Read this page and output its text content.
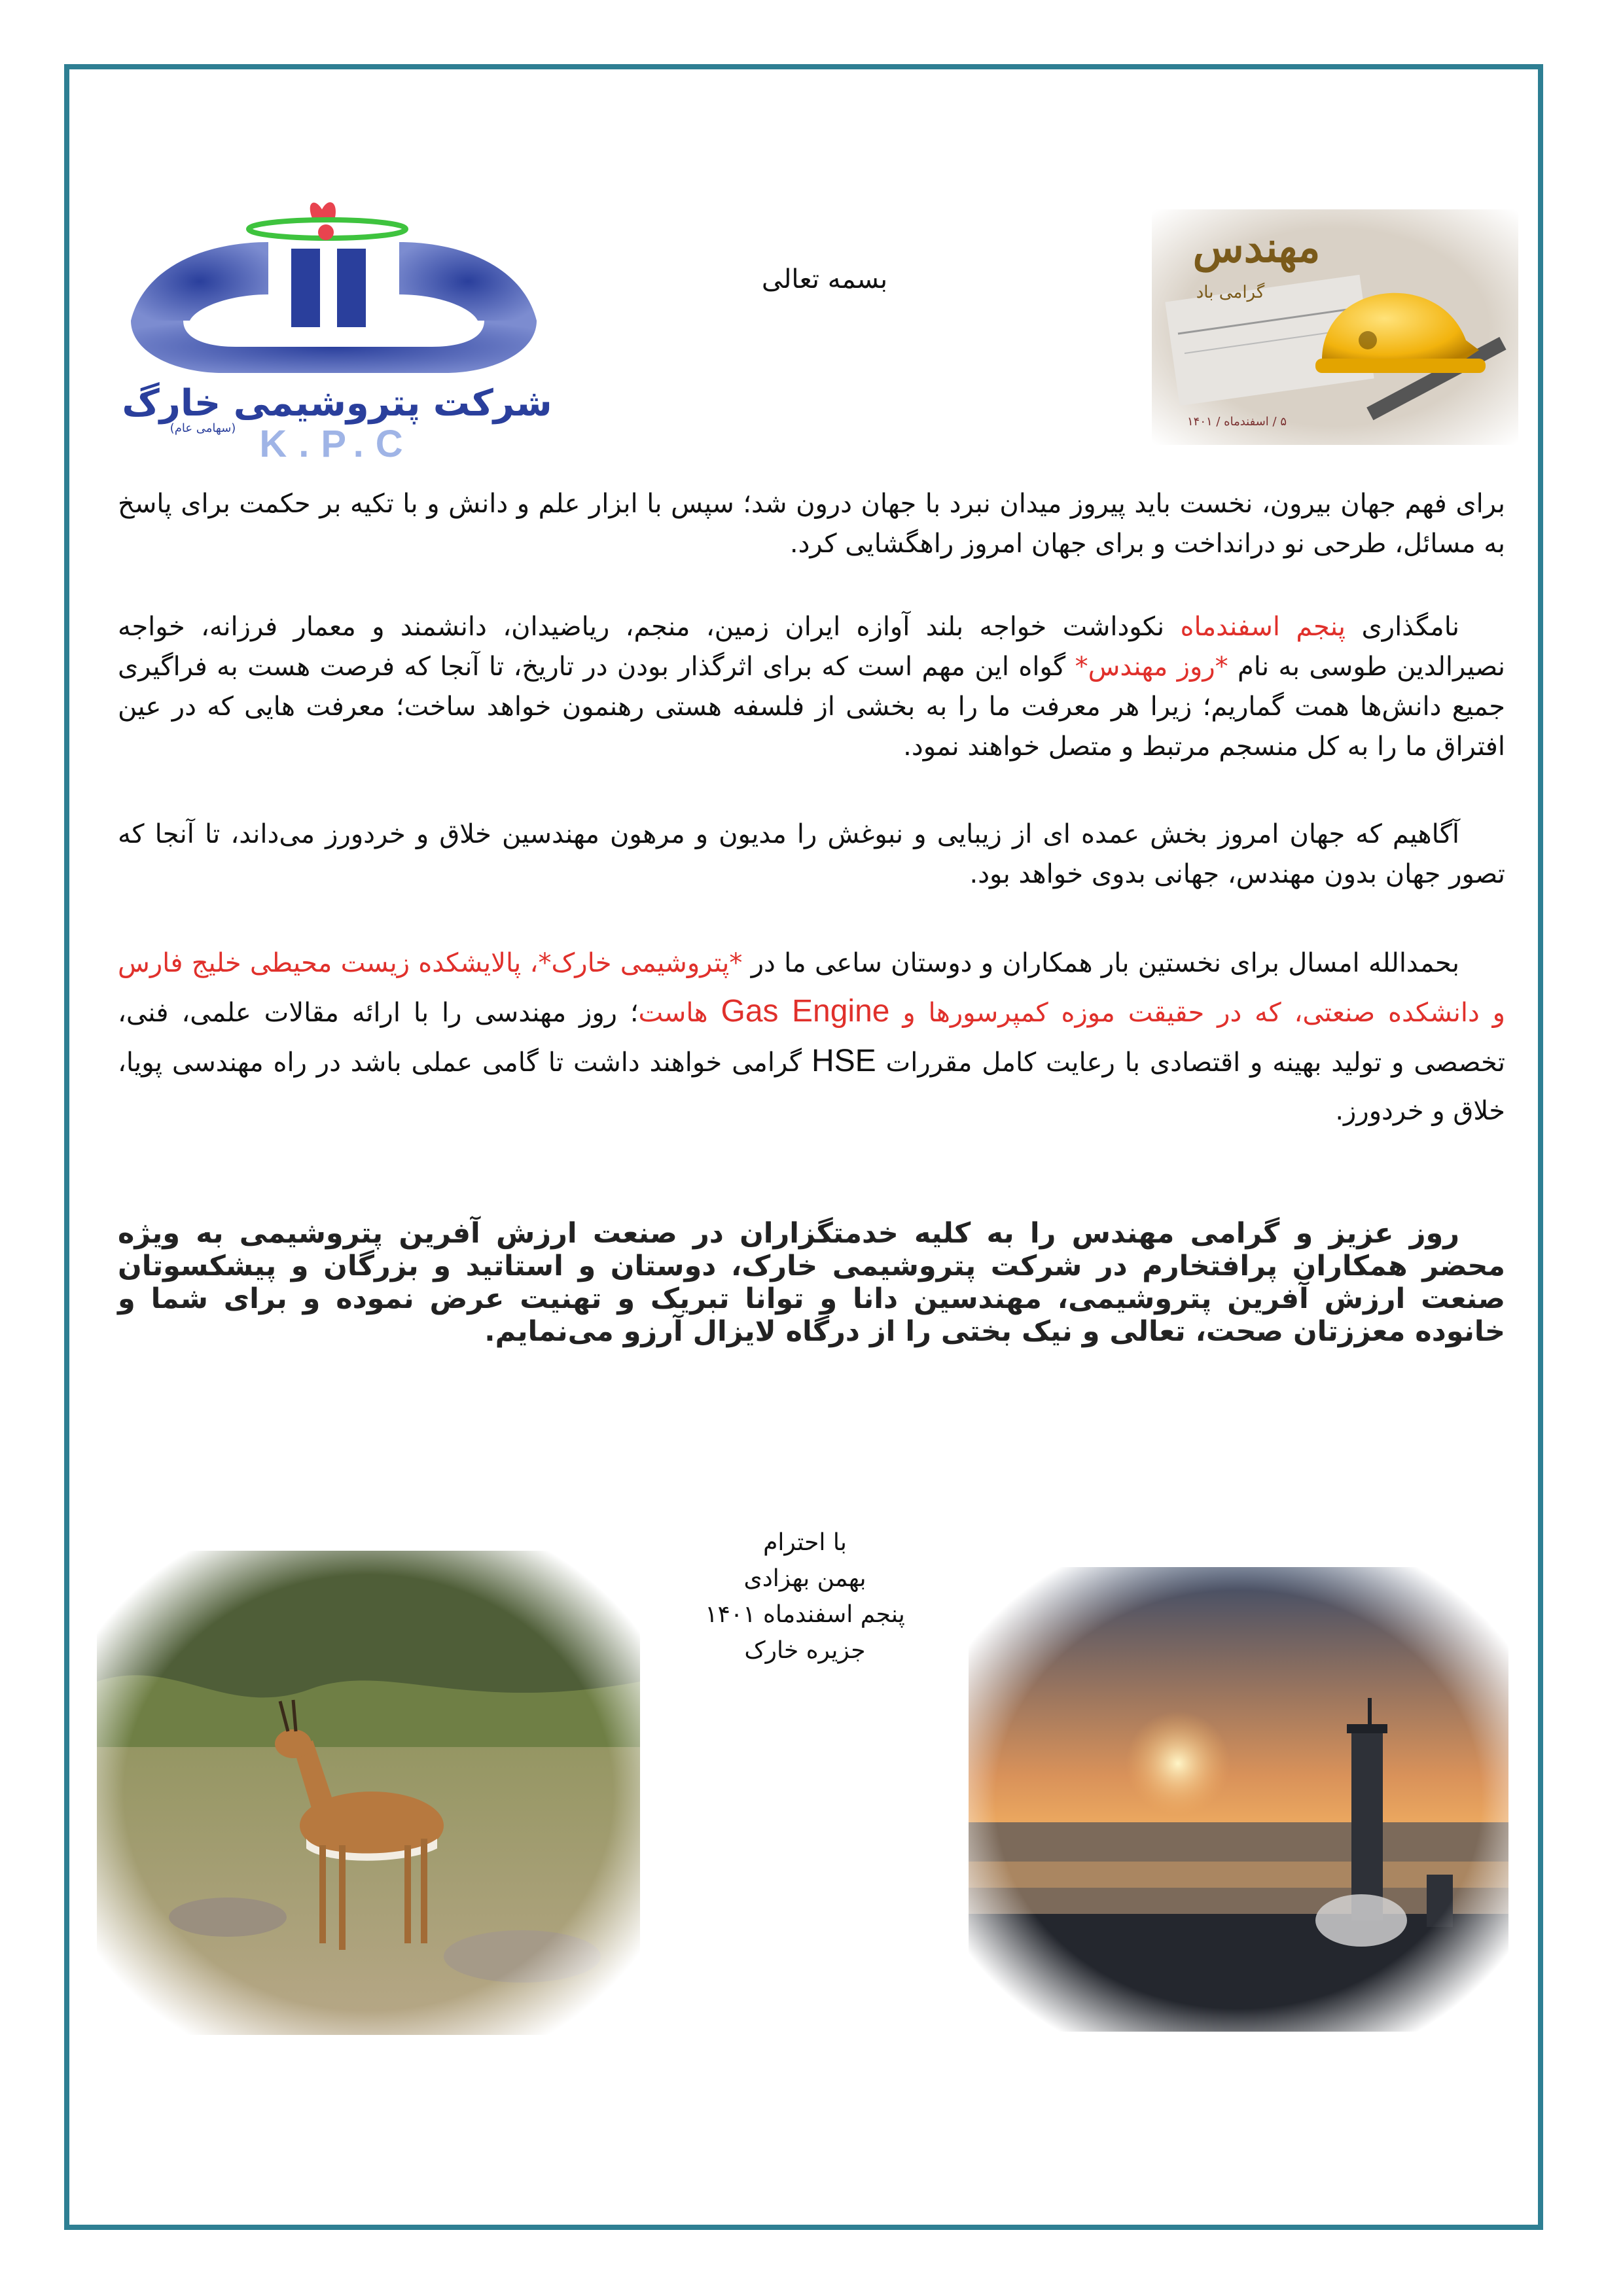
شرکت پتروشیمی خارگ
(سهامی عام) K.P.C
بسمه تعالی
مهندس
گرامی باد
۵ / اسفندماه / ۱۴۰۱

برای فهم جهان بیرون، نخست باید پیروز میدان نبرد با جهان درون شد؛ سپس با ابزار علم و دانش و با تکیه بر حکمت برای پاسخ به مسائل، طرحی نو درانداخت و برای جهان امروز راهگشایی کرد.

نامگذاری پنجم اسفندماه نکوداشت خواجه بلند آوازه ایران زمین، منجم، ریاضیدان، دانشمند و معمار فرزانه، خواجه نصیرالدین طوسی به نام *روز مهندس* گواه این مهم است که برای اثرگذار بودن در تاریخ، تا آنجا که فرصت هست به فراگیری جمیع دانش‌ها همت گماریم؛ زیرا هر معرفت ما را به بخشی از فلسفه هستی رهنمون خواهد ساخت؛ معرفت هایی که در عین افتراق ما را به کل منسجم مرتبط و متصل خواهند نمود.

آگاهیم که جهان امروز بخش عمده ای از زیبایی و نبوغش را مدیون و مرهون مهندسین خلاق و خردورز می‌داند، تا آنجا که تصور جهان بدون مهندس، جهانی بدوی خواهد بود.

بحمدالله امسال برای نخستین بار همکاران و دوستان ساعی ما در *پتروشیمی خارک*، پالایشکده زیست محیطی خلیج فارس و دانشکده صنعتی، که در حقیقت موزه کمپرسورها و Gas Engine هاست؛ روز مهندسی را با ارائه مقالات علمی، فنی، تخصصی و تولید بهینه و اقتصادی با رعایت کامل مقررات HSE گرامی خواهند داشت تا گامی عملی باشد در راه مهندسی پویا، خلاق و خردورز.

روز عزیز و گرامی مهندس را به کلیه خدمتگزاران در صنعت ارزش آفرین پتروشیمی به ویژه محضر همکاران پرافتخارم در شرکت پتروشیمی خارک، دوستان و استاتید و بزرگان و پیشکسوتان صنعت ارزش آفرین پتروشیمی، مهندسین دانا و توانا تبریک و تهنیت عرض نموده و برای شما و خانوده معززتان صحت، تعالی و نیک بختی را از درگاه لایزال آرزو می‌نمایم.

با احترام
بهمن بهزادی
پنجم اسفندماه ۱۴۰۱
جزیره خارک
